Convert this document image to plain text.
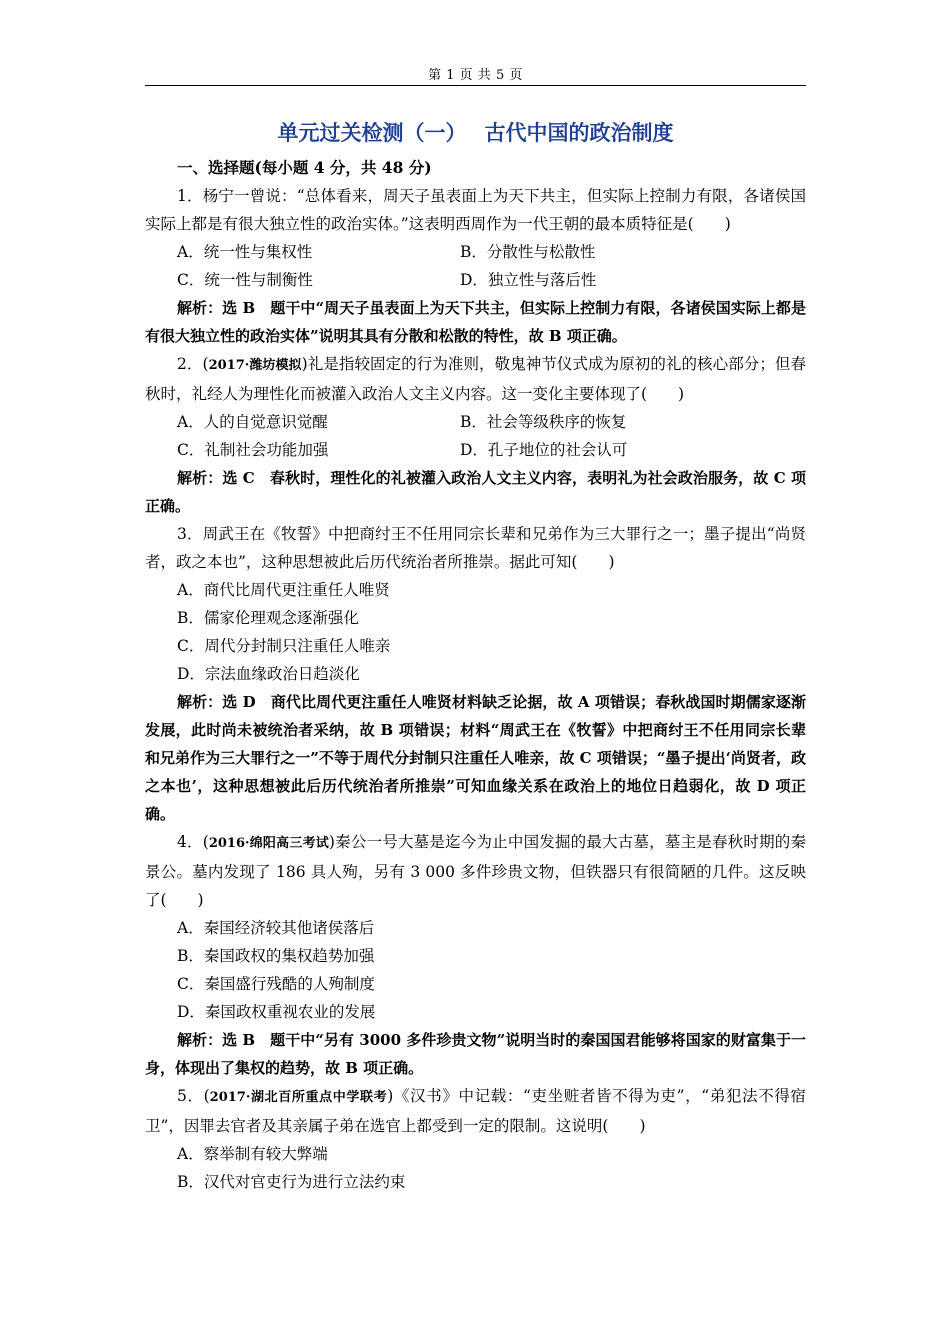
第 1 页 共 5 页
单元过关检测（一） 古代中国的政治制度

一、选择题(每小题 4 分，共 48 分)

1．杨宁一曾说：“总体看来，周天子虽表面上为天下共主，但实际上控制力有限，各诸侯国实际上都是有很大独立性的政治实体。”这表明西周作为一代王朝的最本质特征是(　　)

A．统一性与集权性	B．分散性与松散性

C．统一性与制衡性	D．独立性与落后性

解析：选 B　题干中“周天子虽表面上为天下共主，但实际上控制力有限，各诸侯国实际上都是有很大独立性的政治实体”说明其具有分散和松散的特性，故 B 项正确。

2．(2017·潍坊模拟)礼是指较固定的行为准则，敬鬼神节仪式成为原初的礼的核心部分；但春秋时，礼经人为理性化而被灌入政治人文主义内容。这一变化主要体现了(　　)

A．人的自觉意识觉醒	B．社会等级秩序的恢复

C．礼制社会功能加强	D．孔子地位的社会认可

解析：选 C　春秋时，理性化的礼被灌入政治人文主义内容，表明礼为社会政治服务，故 C 项正确。

3．周武王在《牧誓》中把商纣王不任用同宗长辈和兄弟作为三大罪行之一；墨子提出“尚贤者，政之本也”，这种思想被此后历代统治者所推崇。据此可知(　　)

A．商代比周代更注重任人唯贤

B．儒家伦理观念逐渐强化

C．周代分封制只注重任人唯亲

D．宗法血缘政治日趋淡化

解析：选 D　商代比周代更注重任人唯贤材料缺乏论据，故 A 项错误；春秋战国时期儒家逐渐发展，此时尚未被统治者采纳，故 B 项错误；材料“周武王在《牧誓》中把商纣王不任用同宗长辈和兄弟作为三大罪行之一”不等于周代分封制只注重任人唯亲，故 C 项错误；“墨子提出‘尚贤者，政之本也’，这种思想被此后历代统治者所推崇”可知血缘关系在政治上的地位日趋弱化，故 D 项正确。

4．(2016·绵阳高三考试)秦公一号大墓是迄今为止中国发掘的最大古墓，墓主是春秋时期的秦景公。墓内发现了 186 具人殉，另有 3 000 多件珍贵文物，但铁器只有很简陋的几件。这反映了(　　)

A．秦国经济较其他诸侯落后

B．秦国政权的集权趋势加强

C．秦国盛行残酷的人殉制度

D．秦国政权重视农业的发展

解析：选 B　题干中“另有 3000 多件珍贵文物”说明当时的秦国国君能够将国家的财富集于一身，体现出了集权的趋势，故 B 项正确。

5．(2017·湖北百所重点中学联考)《汉书》中记载：“吏坐赃者皆不得为吏”，“弟犯法不得宿卫”，因罪去官者及其亲属子弟在选官上都受到一定的限制。这说明(　　)

A．察举制有较大弊端

B．汉代对官吏行为进行立法约束
